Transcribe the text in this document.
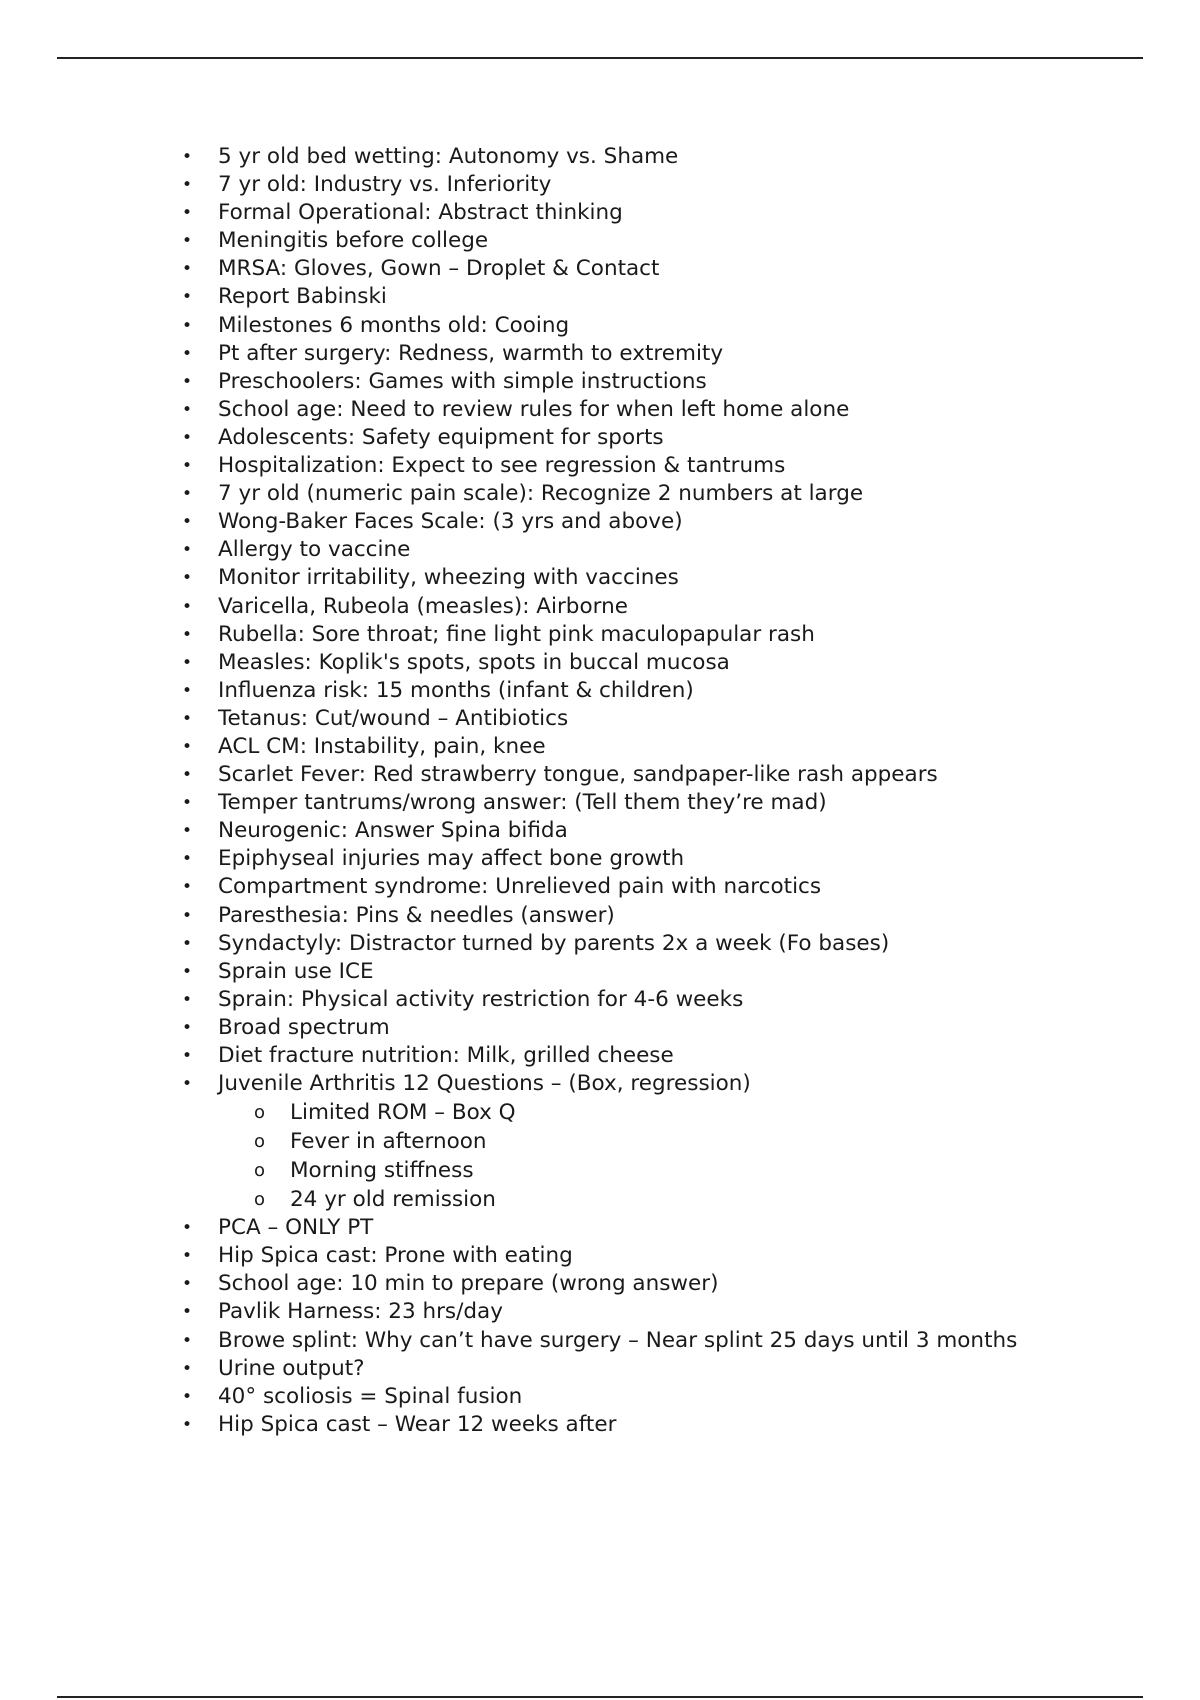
• 5 yr old bed wetting: Autonomy vs. Shame
• 7 yr old: Industry vs. Inferiority
• Formal Operational: Abstract thinking
• Meningitis before college
• MRSA: Gloves, Gown – Droplet & Contact
• Report Babinski
• Milestones 6 months old: Cooing
• Pt after surgery: Redness, warmth to extremity
• Preschoolers: Games with simple instructions
• School age: Need to review rules for when left home alone
• Adolescents: Safety equipment for sports
• Hospitalization: Expect to see regression & tantrums
• 7 yr old (numeric pain scale): Recognize 2 numbers at large
• Wong-Baker Faces Scale: (3 yrs and above)
• Allergy to vaccine
• Monitor irritability, wheezing with vaccines
• Varicella, Rubeola (measles): Airborne
• Rubella: Sore throat; fine light pink maculopapular rash
• Measles: Koplik's spots, spots in buccal mucosa
• Influenza risk: 15 months (infant & children)
• Tetanus: Cut/wound – Antibiotics
• ACL CM: Instability, pain, knee
• Scarlet Fever: Red strawberry tongue, sandpaper-like rash appears
• Temper tantrums/wrong answer: (Tell them they’re mad)
• Neurogenic: Answer Spina bifida
• Epiphyseal injuries may affect bone growth
• Compartment syndrome: Unrelieved pain with narcotics
• Paresthesia: Pins & needles (answer)
• Syndactyly: Distractor turned by parents 2x a week (Fo bases)
• Sprain use ICE
• Sprain: Physical activity restriction for 4-6 weeks
• Broad spectrum
• Diet fracture nutrition: Milk, grilled cheese
• Juvenile Arthritis 12 Questions – (Box, regression)
o Limited ROM – Box Q
o Fever in afternoon
o Morning stiffness
o 24 yr old remission
• PCA – ONLY PT
• Hip Spica cast: Prone with eating
• School age: 10 min to prepare (wrong answer)
• Pavlik Harness: 23 hrs/day
• Browe splint: Why can’t have surgery – Near splint 25 days until 3 months
• Urine output?
• 40° scoliosis = Spinal fusion
• Hip Spica cast – Wear 12 weeks after
